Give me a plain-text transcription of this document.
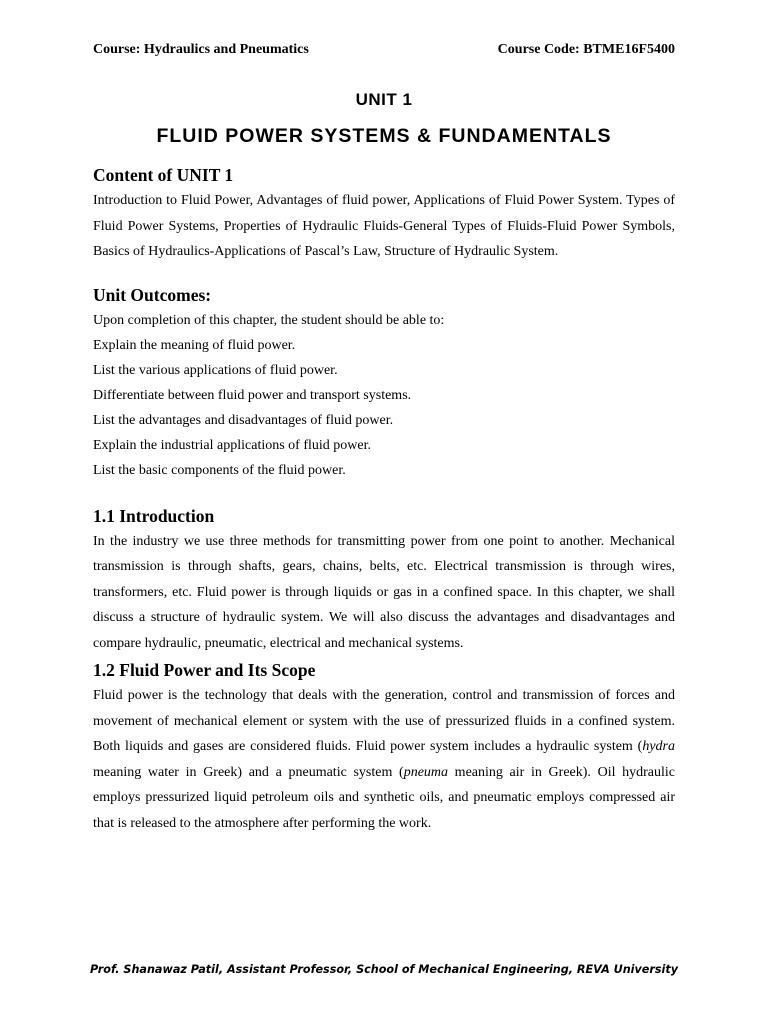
Course: Hydraulics and Pneumatics	Course Code: BTME16F5400
UNIT 1
FLUID POWER SYSTEMS & FUNDAMENTALS
Content of UNIT 1

Introduction to Fluid Power, Advantages of fluid power, Applications of Fluid Power System. Types of Fluid Power Systems, Properties of Hydraulic Fluids-General Types of Fluids-Fluid Power Symbols, Basics of Hydraulics-Applications of Pascal’s Law, Structure of Hydraulic System.

Unit Outcomes:

Upon completion of this chapter, the student should be able to:

Explain the meaning of fluid power.

List the various applications of fluid power.

Differentiate between fluid power and transport systems.

List the advantages and disadvantages of fluid power.

Explain the industrial applications of fluid power.

List the basic components of the fluid power.

1.1 Introduction

In the industry we use three methods for transmitting power from one point to another. Mechanical transmission is through shafts, gears, chains, belts, etc. Electrical transmission is through wires, transformers, etc. Fluid power is through liquids or gas in a confined space. In this chapter, we shall discuss a structure of hydraulic system. We will also discuss the advantages and disadvantages and compare hydraulic, pneumatic, electrical and mechanical systems.

1.2 Fluid Power and Its Scope

Fluid power is the technology that deals with the generation, control and transmission of forces and movement of mechanical element or system with the use of pressurized fluids in a confined system. Both liquids and gases are considered fluids. Fluid power system includes a hydraulic system (hydra meaning water in Greek) and a pneumatic system (pneuma meaning air in Greek). Oil hydraulic employs pressurized liquid petroleum oils and synthetic oils, and pneumatic employs compressed air that is released to the atmosphere after performing the work.

Prof. Shanawaz Patil, Assistant Professor, School of Mechanical Engineering, REVA University
